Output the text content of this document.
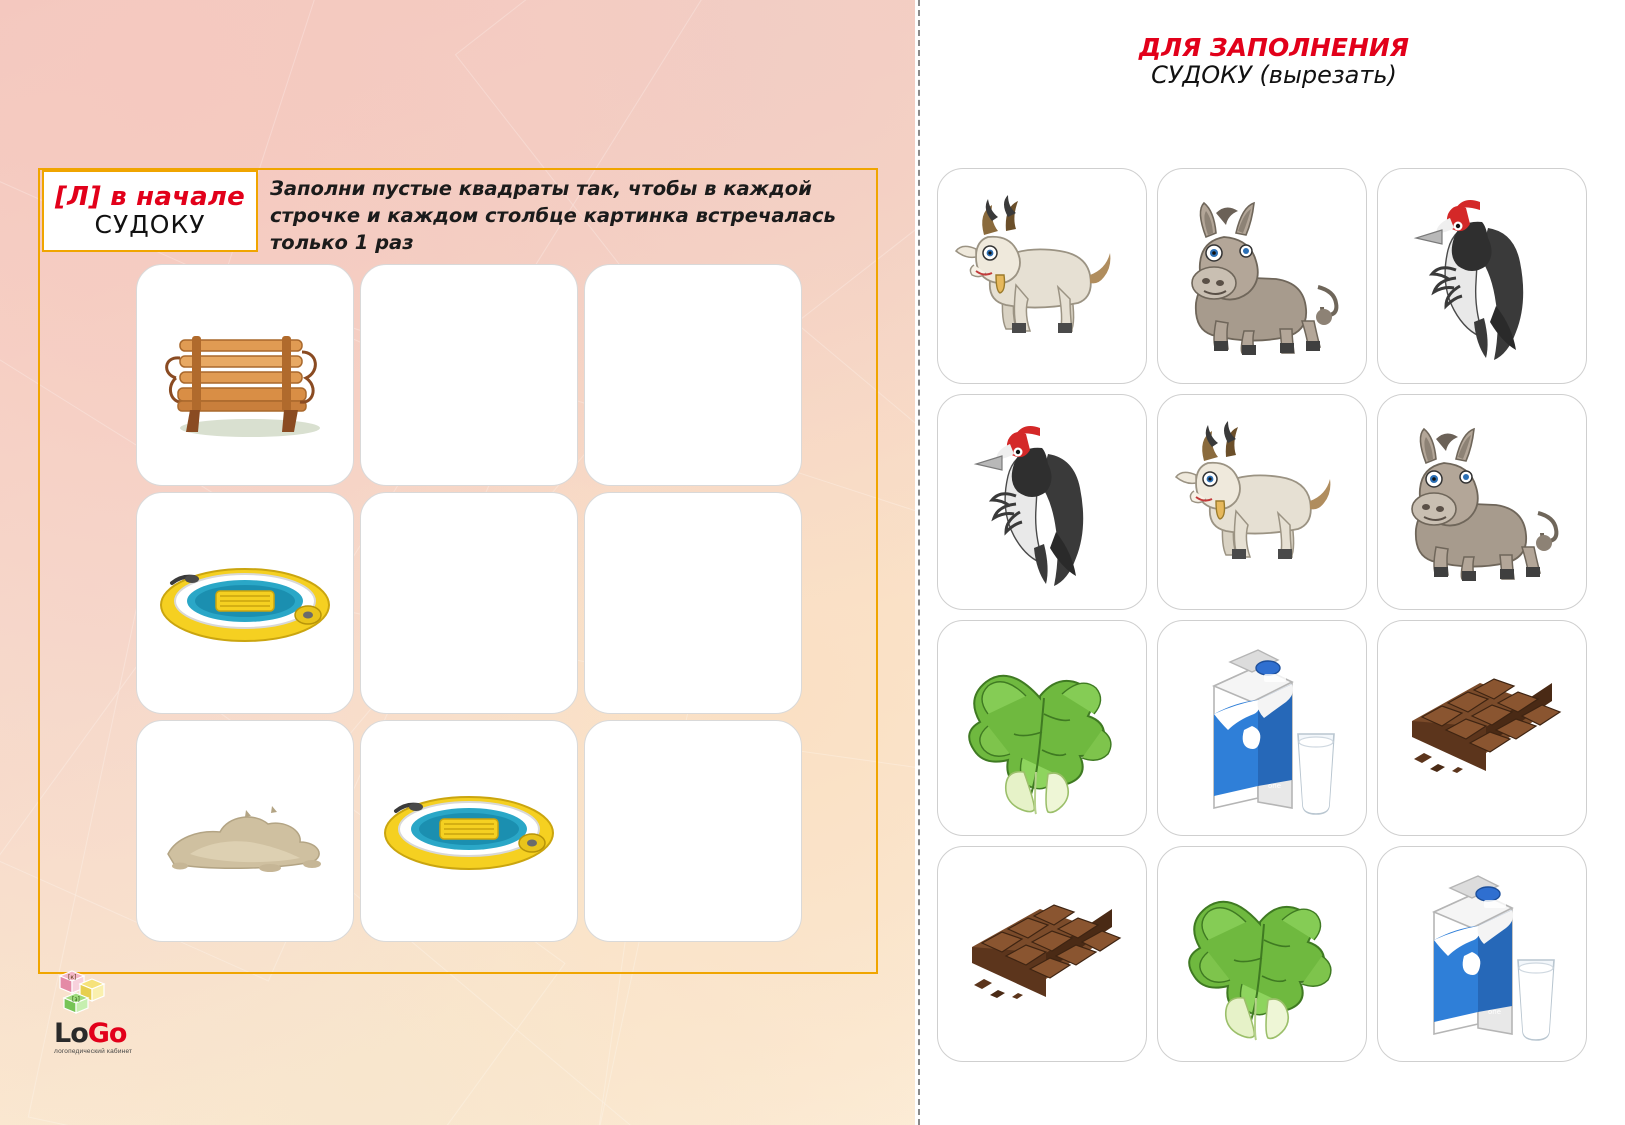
[Л] в начале
СУДОКУ
Заполни пустые квадраты так, чтобы в каждой строчке и каждом столбце картинка встречалась только 1 раз
[к]
[з]
LoGo
логопедический кабинет
ДЛЯ ЗАПОЛНЕНИЯ
СУДОКУ (вырезать)
one
one
